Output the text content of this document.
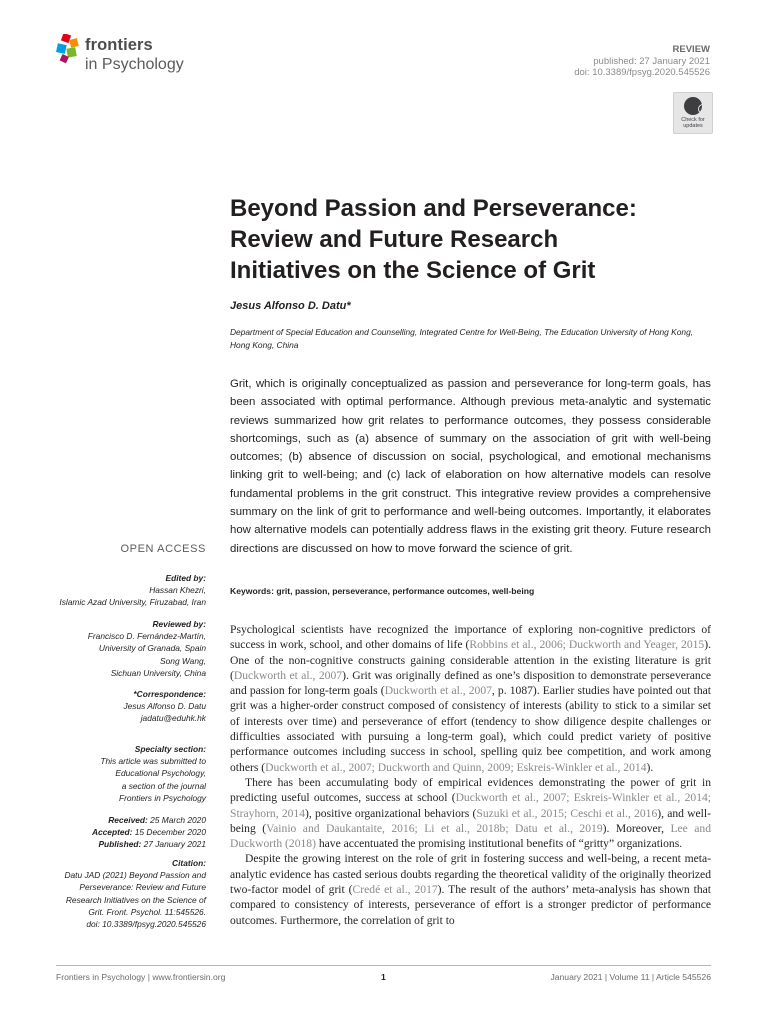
frontiers
in Psychology
REVIEW
published: 27 January 2021
doi: 10.3389/fpsyg.2020.545526
Check for
updates
Beyond Passion and Perseverance:
Review and Future Research
Initiatives on the Science of Grit
Jesus Alfonso D. Datu*
Department of Special Education and Counselling, Integrated Centre for Well-Being, The Education University of Hong Kong,
Hong Kong, China
Grit, which is originally conceptualized as passion and perseverance for long-term goals, has been associated with optimal performance. Although previous meta-analytic and systematic reviews summarized how grit relates to performance outcomes, they possess considerable shortcomings, such as (a) absence of summary on the association of grit with well-being outcomes; (b) absence of discussion on social, psychological, and emotional mechanisms linking grit to well-being; and (c) lack of elaboration on how alternative models can resolve fundamental problems in the grit construct. This integrative review provides a comprehensive summary on the link of grit to performance and well-being outcomes. Importantly, it elaborates how alternative models can potentially address flaws in the existing grit theory. Future research directions are discussed on how to move forward the science of grit.
Keywords: grit, passion, perseverance, performance outcomes, well-being
OPEN ACCESS
Edited by:
Hassan Khezri,
Islamic Azad University, Firuzabad, Iran
Reviewed by:
Francisco D. Fernández-Martín,
University of Granada, Spain
Song Wang,
Sichuan University, China
*Correspondence:
Jesus Alfonso D. Datu
jadatu@eduhk.hk
Specialty section:
This article was submitted to
Educational Psychology,
a section of the journal
Frontiers in Psychology
Received: 25 March 2020
Accepted: 15 December 2020
Published: 27 January 2021
Citation:
Datu JAD (2021) Beyond Passion and
Perseverance: Review and Future
Research Initiatives on the Science of
Grit. Front. Psychol. 11:545526.
doi: 10.3389/fpsyg.2020.545526

Psychological scientists have recognized the importance of exploring non-cognitive predictors of success in work, school, and other domains of life (Robbins et al., 2006; Duckworth and Yeager, 2015). One of the non-cognitive constructs gaining considerable attention in the existing literature is grit (Duckworth et al., 2007). Grit was originally defined as one’s disposition to demonstrate perseverance and passion for long-term goals (Duckworth et al., 2007, p. 1087). Earlier studies have pointed out that grit was a higher-order construct composed of consistency of interests (ability to stick to a similar set of interests over time) and perseverance of effort (tendency to show diligence despite challenges or difficulties associated with pursuing a long-term goal), which could predict variety of positive performance outcomes including success in school, spelling quiz bee competition, and work among others (Duckworth et al., 2007; Duckworth and Quinn, 2009; Eskreis-Winkler et al., 2014).

There has been accumulating body of empirical evidences demonstrating the power of grit in predicting useful outcomes, success at school (Duckworth et al., 2007; Eskreis-Winkler et al., 2014; Strayhorn, 2014), positive organizational behaviors (Suzuki et al., 2015; Ceschi et al., 2016), and well-being (Vainio and Daukantaite, 2016; Li et al., 2018b; Datu et al., 2019). Moreover, Lee and Duckworth (2018) have accentuated the promising institutional benefits of “gritty” organizations.

Despite the growing interest on the role of grit in fostering success and well-being, a recent meta-analytic evidence has casted serious doubts regarding the theoretical validity of the originally theorized two-factor model of grit (Credé et al., 2017). The result of the authors’ meta-analysis has shown that compared to consistency of interests, perseverance of effort is a stronger predictor of performance outcomes. Furthermore, the correlation of grit to

Frontiers in Psychology | www.frontiersin.org	1	January 2021 | Volume 11 | Article 545526
